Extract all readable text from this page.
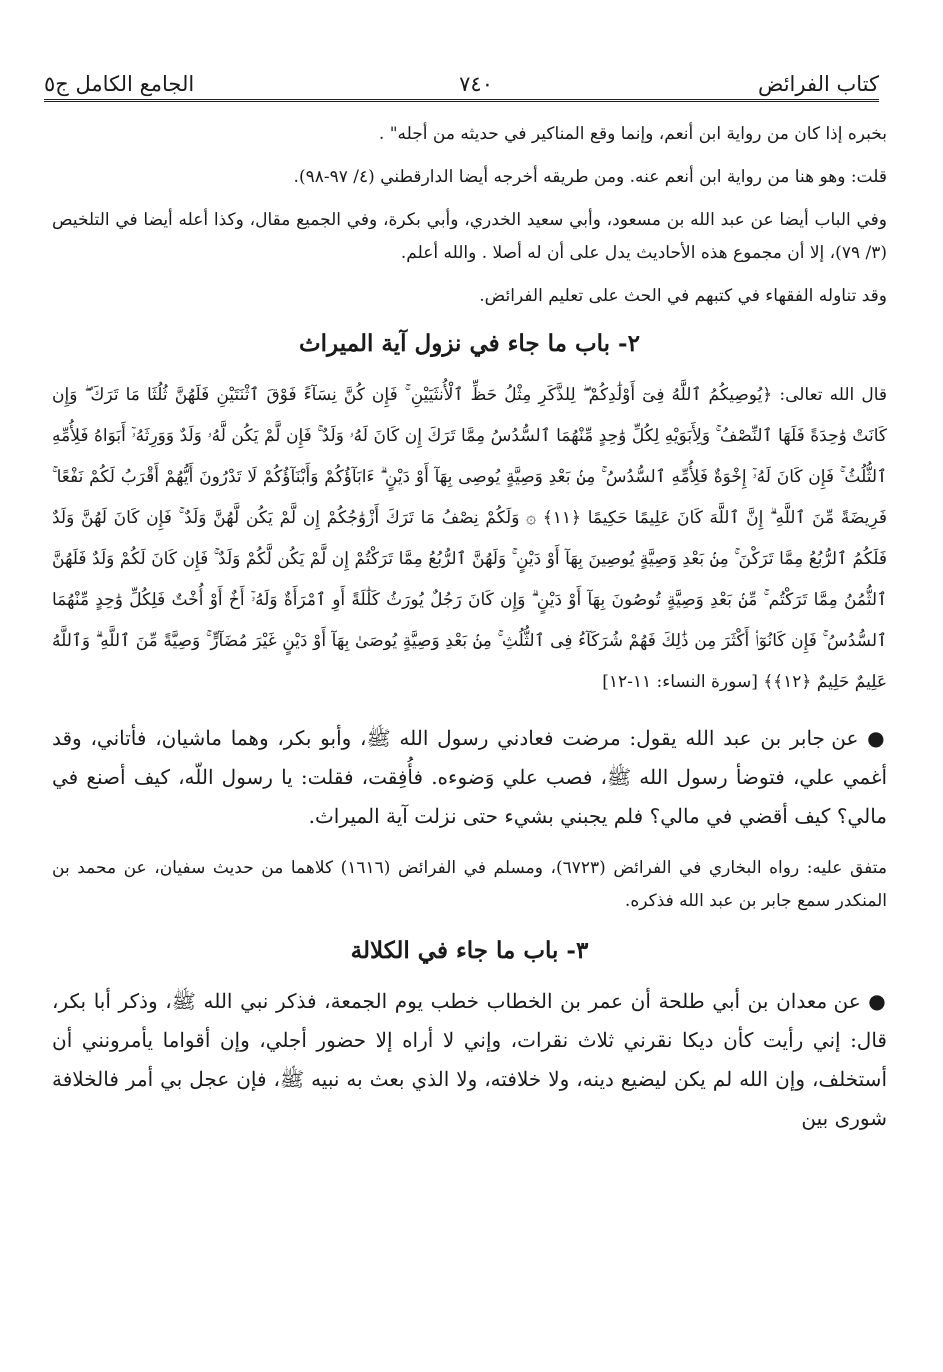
كتاب الفرائض
٧٤٠
الجامع الكامل ج٥

بخبره إذا كان من رواية ابن أنعم، وإنما وقع المناكير في حديثه من أجله" .

قلت: وهو هنا من رواية ابن أنعم عنه. ومن طريقه أخرجه أيضا الدارقطني (٤/ ٩٧-٩٨).

وفي الباب أيضا عن عبد الله بن مسعود، وأبي سعيد الخدري، وأبي بكرة، وفي الجميع مقال، وكذا أعله أيضا في التلخيص (٣/ ٧٩)، إلا أن مجموع هذه الأحاديث يدل على أن له أصلا . والله أعلم.

وقد تناوله الفقهاء في كتبهم في الحث على تعليم الفرائض.

٢- باب ما جاء في نزول آية الميراث

قال الله تعالى: ﴿يُوصِيكُمُ ٱللَّهُ فِىٓ أَوْلَٰدِكُمْ ۖ لِلذَّكَرِ مِثْلُ حَظِّ ٱلْأُنثَيَيْنِ ۚ فَإِن كُنَّ نِسَآءً فَوْقَ ٱثْنَتَيْنِ فَلَهُنَّ ثُلُثَا مَا تَرَكَ ۖ وَإِن كَانَتْ وَٰحِدَةً فَلَهَا ٱلنِّصْفُ ۚ وَلِأَبَوَيْهِ لِكُلِّ وَٰحِدٍ مِّنْهُمَا ٱلسُّدُسُ مِمَّا تَرَكَ إِن كَانَ لَهُۥ وَلَدٌ ۚ فَإِن لَّمْ يَكُن لَّهُۥ وَلَدٌ وَوَرِثَهُۥٓ أَبَوَاهُ فَلِأُمِّهِ ٱلثُّلُثُ ۚ فَإِن كَانَ لَهُۥٓ إِخْوَةٌ فَلِأُمِّهِ ٱلسُّدُسُ ۚ مِنۢ بَعْدِ وَصِيَّةٍ يُوصِى بِهَآ أَوْ دَيْنٍ ۗ ءَابَآؤُكُمْ وَأَبْنَآؤُكُمْ لَا تَدْرُونَ أَيُّهُمْ أَقْرَبُ لَكُمْ نَفْعًا ۚ فَرِيضَةً مِّنَ ٱللَّهِ ۗ إِنَّ ٱللَّهَ كَانَ عَلِيمًا حَكِيمًا ﴿١١﴾ ۞ وَلَكُمْ نِصْفُ مَا تَرَكَ أَزْوَٰجُكُمْ إِن لَّمْ يَكُن لَّهُنَّ وَلَدٌ ۚ فَإِن كَانَ لَهُنَّ وَلَدٌ فَلَكُمُ ٱلرُّبُعُ مِمَّا تَرَكْنَ ۚ مِنۢ بَعْدِ وَصِيَّةٍ يُوصِينَ بِهَآ أَوْ دَيْنٍ ۚ وَلَهُنَّ ٱلرُّبُعُ مِمَّا تَرَكْتُمْ إِن لَّمْ يَكُن لَّكُمْ وَلَدٌ ۚ فَإِن كَانَ لَكُمْ وَلَدٌ فَلَهُنَّ ٱلثُّمُنُ مِمَّا تَرَكْتُم ۚ مِّنۢ بَعْدِ وَصِيَّةٍ تُوصُونَ بِهَآ أَوْ دَيْنٍ ۗ وَإِن كَانَ رَجُلٌ يُورَثُ كَلَٰلَةً أَوِ ٱمْرَأَةٌ وَلَهُۥٓ أَخٌ أَوْ أُخْتٌ فَلِكُلِّ وَٰحِدٍ مِّنْهُمَا ٱلسُّدُسُ ۚ فَإِن كَانُوٓا۟ أَكْثَرَ مِن ذَٰلِكَ فَهُمْ شُرَكَآءُ فِى ٱلثُّلُثِ ۚ مِنۢ بَعْدِ وَصِيَّةٍ يُوصَىٰ بِهَآ أَوْ دَيْنٍ غَيْرَ مُضَآرٍّ ۚ وَصِيَّةً مِّنَ ٱللَّهِ ۗ وَٱللَّهُ عَلِيمٌ حَلِيمٌ ﴿١٢﴾﴾ [سورة النساء: ١١-١٢]

● عن جابر بن عبد الله يقول: مرضت فعادني رسول الله ﷺ، وأبو بكر، وهما ماشيان، فأتاني، وقد أغمي علي، فتوضأ رسول الله ﷺ، فصب علي وَضوءه. فأُفِقت، فقلت: يا رسول اللّه، كيف أصنع في مالي؟ كيف أقضي في مالي؟ فلم يجبني بشيء حتى نزلت آية الميراث.

متفق عليه: رواه البخاري في الفرائض (٦٧٢٣)، ومسلم في الفرائض (١٦١٦) كلاهما من حديث سفيان، عن محمد بن المنكدر سمع جابر بن عبد الله فذكره.

٣- باب ما جاء في الكلالة

● عن معدان بن أبي طلحة أن عمر بن الخطاب خطب يوم الجمعة، فذكر نبي الله ﷺ، وذكر أبا بكر، قال: إني رأيت كأن ديكا نقرني ثلاث نقرات، وإني لا أراه إلا حضور أجلي، وإن أقواما يأمرونني أن أستخلف، وإن الله لم يكن ليضيع دينه، ولا خلافته، ولا الذي بعث به نبيه ﷺ، فإن عجل بي أمر فالخلافة شورى بين
